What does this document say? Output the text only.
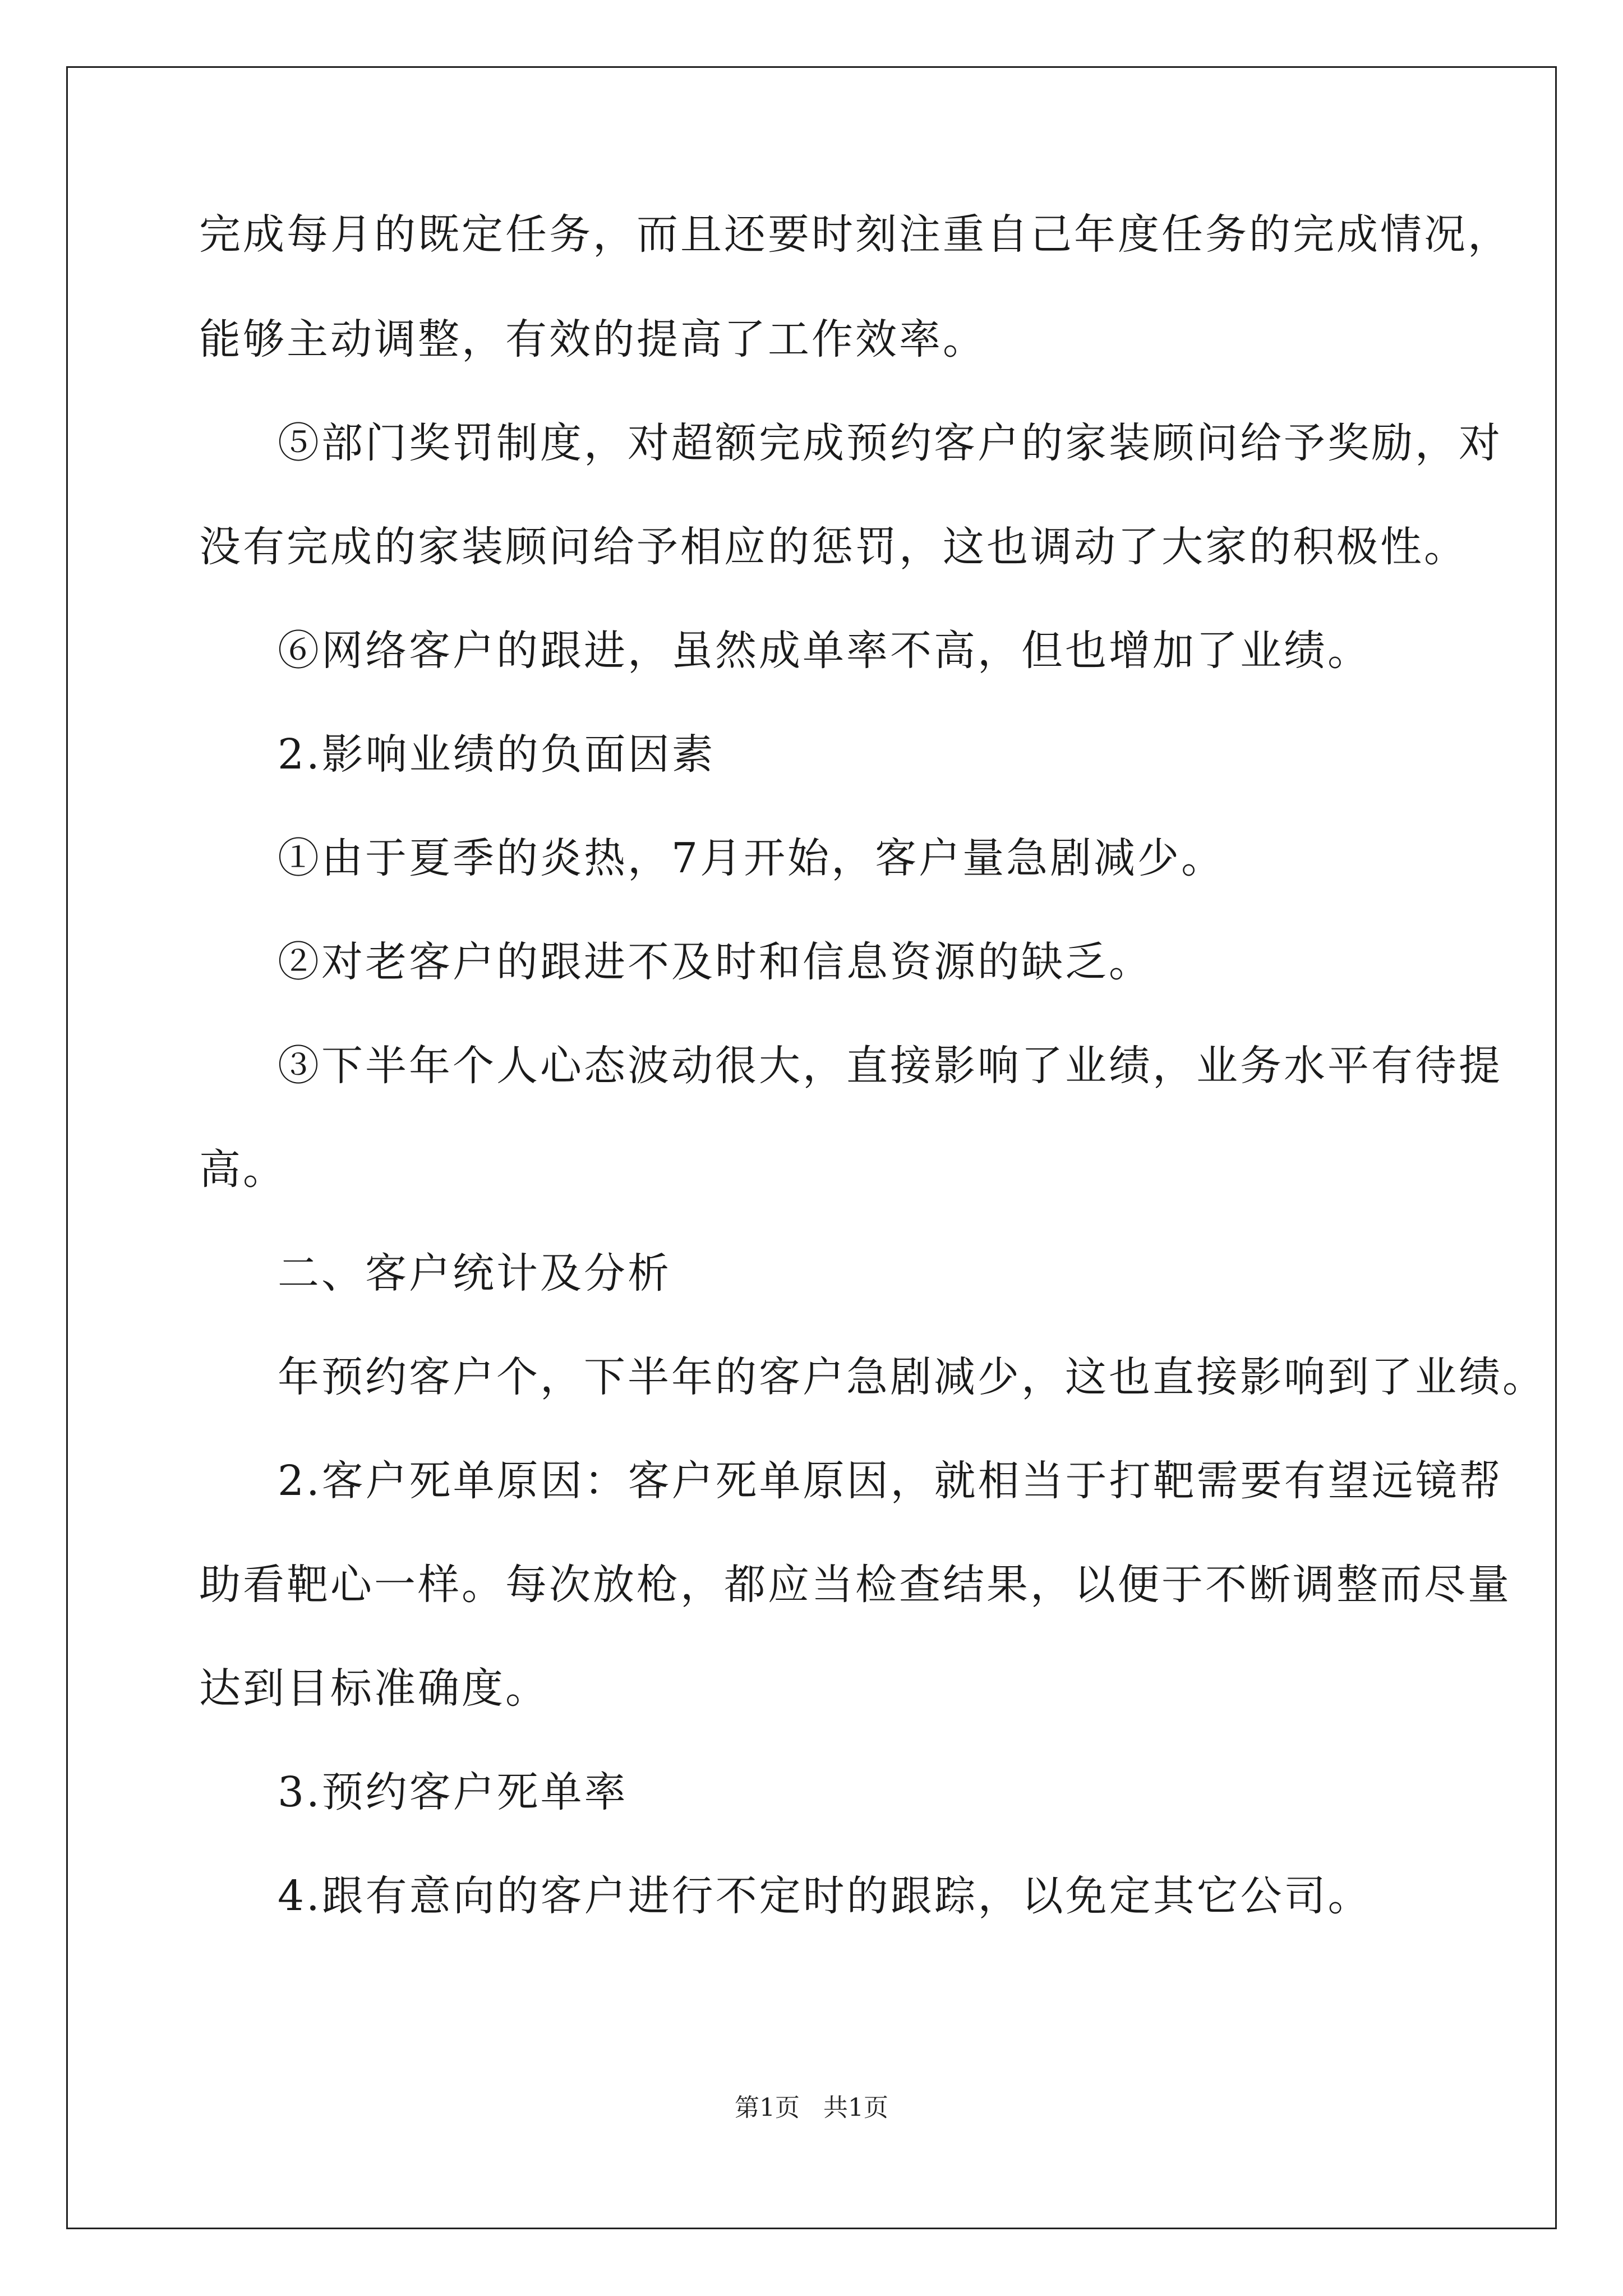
完成每月的既定任务，而且还要时刻注重自己年度任务的完成情况，
能够主动调整，有效的提高了工作效率。
⑤部门奖罚制度，对超额完成预约客户的家装顾问给予奖励，对
没有完成的家装顾问给予相应的惩罚，这也调动了大家的积极性。
⑥网络客户的跟进，虽然成单率不高，但也增加了业绩。
2.影响业绩的负面因素
①由于夏季的炎热，7月开始，客户量急剧减少。
②对老客户的跟进不及时和信息资源的缺乏。
③下半年个人心态波动很大，直接影响了业绩，业务水平有待提
高。
二、客户统计及分析
年预约客户个，下半年的客户急剧减少，这也直接影响到了业绩。
2.客户死单原因：客户死单原因，就相当于打靶需要有望远镜帮
助看靶心一样。每次放枪，都应当检查结果，以便于不断调整而尽量
达到目标准确度。
3.预约客户死单率
4.跟有意向的客户进行不定时的跟踪，以免定其它公司。
第1页   共1页
